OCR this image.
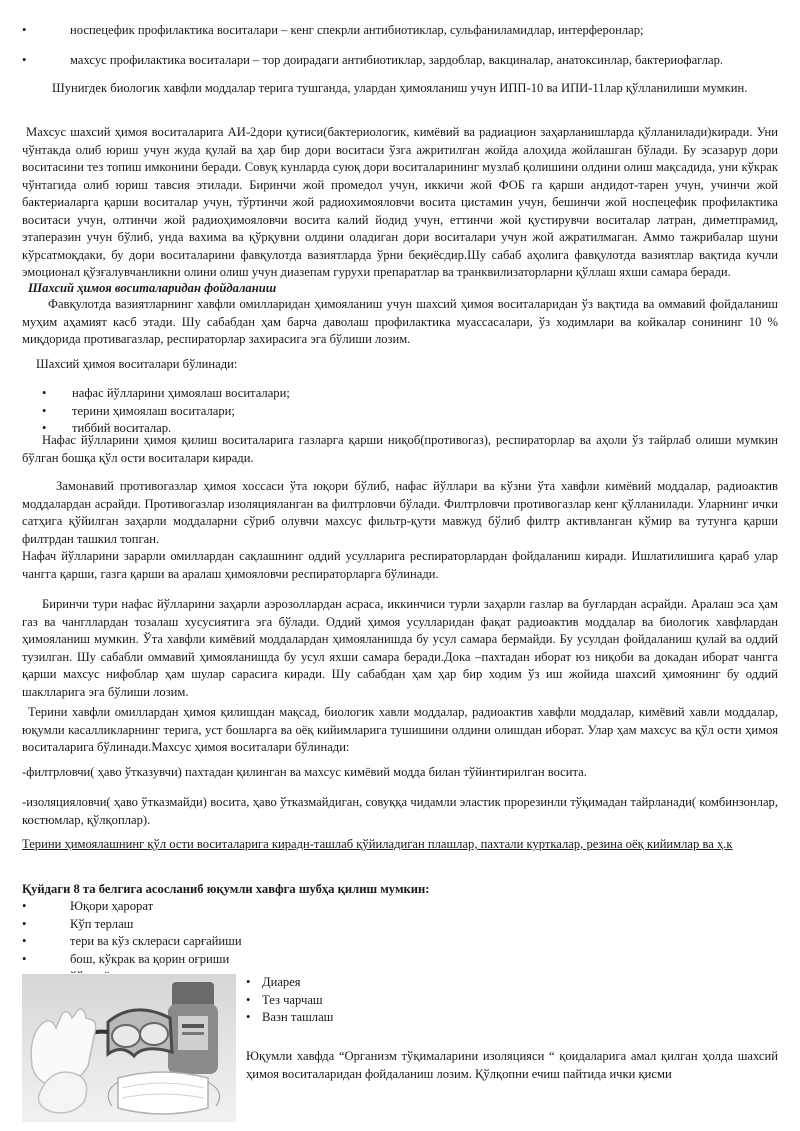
•	носпецефик профилактика воситалари – кенг спекрли антибиотиклар, сульфаниламидлар, интерферонлар;
•	махсус профилактика воситалари – тор доирадаги антибиотиклар, зардоблар, вакциналар, анатоксинлар, бактериофаглар.
Шунигдек биологик хавфли моддалар терига тушганда, улардан ҳимояланиш учун ИПП-10 ва ИПИ-11лар қўлланилиши мумкин.
Махсус шахсий ҳимоя воситаларига АИ-2дори қутиси(бактериологик, кимёвий ва радиацион заҳарланишларда қўлланилади)киради. Уни чўнтакда олиб юриш учун жуда қулай ва ҳар бир дори воситаси ўзга ажритилган жойда алоҳида жойлашган бўлади. Бу эсазарур дори воситасини тез топиш имконини беради. Совуқ кунларда суюқ дори воситаларининг музлаб қолишини олдини олиш мақсадида, уни кўкрак чўнтагида олиб юриш тавсия этилади. Биринчи жой промедол учун, иккичи жой ФОБ га қарши андидот-тарен учун, учинчи жой бактериаларга қарши воситалар учун, тўртинчи жой радиохимояловчи восита цистамин учун, бешинчи жой носпецефик профилактика воситаси учун, олтинчи жой радиоҳимояловчи восита калий йодид учун, еттинчи жой қустирувчи воситалар латран, диметпрамид, этаперазин учун бўлиб, унда вахима ва қўрқувни олдини оладиган дори воситалари учун жой ажратилмаган. Аммо тажрибалар шуни кўрсатмоқдаки, бу дори воситаларини фавқулотда вазиятларда ўрни беқиёсдир.Шу сабаб аҳолига фавқулотда вазиятлар вақтида кучли эмоционал қўзғалувчанликни олини олиш учун диазепам гурухи препаратлар ва транквилизаторларни қўллаш яхши самара беради.
Шахсий ҳимоя воситаларидан фойдаланиш
Фавқулотда вазиятларнинг хавфли омилларидан ҳимояланиш учун шахсий ҳимоя воситаларидан ўз вақтида ва оммавий фойдаланиш муҳим аҳамият касб этади. Шу сабабдан ҳам барча даволаш профилактика муассасалари, ўз ходимлари ва койкалар сонининг 10 % миқдорида противагазлар, респираторлар захирасига эга бўлиши лозим.
Шахсий ҳимоя воситалари бўлинади:
•	нафас йўлларини ҳимоялаш воситалари;
•	терини ҳимоялаш воситалари;
•	тиббий воситалар.
Нафас йўлларини ҳимоя қилиш воситаларига газларга қарши ниқоб(противогаз), респираторлар ва аҳоли ўз тайрлаб олиши мумкин бўлган бошқа қўл ости воситалари киради.
Замонавий противогазлар ҳимоя хоссаси ўта юқори бўлиб, нафас йўллари ва кўзни ўта хавфли кимёвий моддалар, радиоактив моддалардан асрайди. Противогазлар изоляцияланган ва филтрловчи бўлади. Филтрловчи противогазлар кенг қўлланилади. Уларнинг ички сатҳига қўйилган заҳарли моддаларни сўриб олувчи махсус фильтр-қути мавжуд бўлиб филтр активланган кўмир ва тутунга қарши филтрдан ташкил топган.
Нафач йўлларини зарарли омиллардан сақлашнинг оддий усулларига респираторлардан фойдаланиш киради. Ишлатилишига қараб улар чангга қарши, газга қарши ва аралаш ҳимояловчи респираторларга бўлинади.
Биринчи тури нафас йўлларини заҳарли аэрозоллардан асраса, иккинчиси турли заҳарли газлар ва буғлардан асрайди. Аралаш эса ҳам газ ва чангллардан тозалаш хусусиятига эга бўлади. Оддий ҳимоя усулларидан фақат радиоактив моддалар ва биологик хавфлардан ҳимояланиш мумкин. Ўта хавфли кимёвий моддалардан ҳимояланишда бу усул самара бермайди. Бу усулдан фойдаланиш қулай ва оддий тузилган. Шу сабабли оммавий ҳимояланишда бу усул яхши самара беради.Дока –пахтадан иборат юз ниқоби ва докадан иборат чангга қарши махсус нифоблар ҳам шулар сарасига киради. Шу сабабдан ҳам ҳар бир ходим ўз иш жойида шахсий ҳимоянинг бу оддий шаклларига эга бўлиши лозим.
Терини хавфли омиллардан ҳимоя қилишдан мақсад, биологик хавли моддалар, радиоактив хавфли моддалар, кимёвий хавли моддалар, юқумли касалликларнинг терига, уст бошларга ва оёқ кийимларига тушишини олдини олишдан иборат. Улар ҳам махсус ва қўл ости ҳимоя воситаларига бўлинади.Махсус ҳимоя воситалари бўлинади:
-филтрловчи( ҳаво ўтказувчи) пахтадан қилинган ва махсус кимёвий модда билан тўйинтирилган восита.
-изоляцияловчи( ҳаво ўтказмайди) восита, ҳаво ўтказмайдиган, совуққа чидамли эластик прорезинли тўқимадан тайрланади( комбинзонлар, костюмлар, қўлқоплар).
Терини ҳимоялашнинг қўл ости воситаларига кирадн-ташлаб қўйиладиган плашлар, пахтали курткалар, резина оёқ кийимлар ва ҳ.к
Қуйдаги 8 та белгига асосланиб юқумли хавфга шубҳа қилиш мумкин:
•	Юқори ҳарорат
•	Кўп терлаш
•	тери ва кўз склераси сарғайиши
•	бош, кўкрак ва қорин оғриши
• Диарея
• Тез чарчаш
• Вазн ташлаш
Юқумли хавфда “Организм тўқималарини изоляцияси “ қоидаларига амал қилган ҳолда шахсий ҳимоя воситаларидан фойдаланиш лозим. Қўлқопни ечиш пайтида ички қисми
